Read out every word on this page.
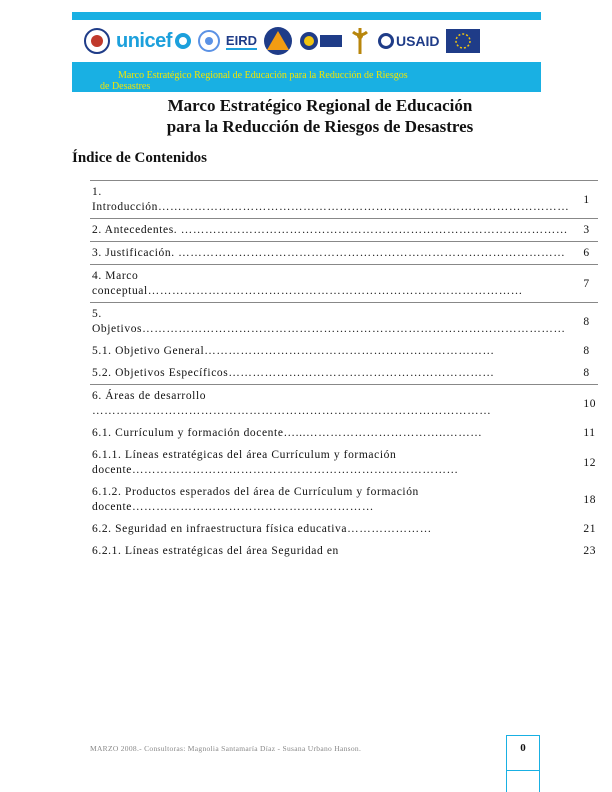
unicef	EIRD	USAID
Marco Estratégico Regional de Educación para la Reducción de Riesgos
de Desastres
Marco Estratégico Regional de Educación
para la Reducción de Riesgos de Desastres
Índice de Contenidos
1. Introducción…………………………………………………………………………………………	1
2. Antecedentes. ……………………………………………………………………………………	3
3. Justificación. ……………………………………………………………………………………	6
4. Marco conceptual…………………………………………………………………………………	7
5. Objetivos……………………………………………………………………………………………	8
5.1. Objetivo General………………………………………………………………	8
5.2. Objetivos Específicos…………………………………………………………	8
6. Áreas de desarrollo ………………………………………………………………………………………	10
6.1. Currículum y formación docente…...……………………………..………	11
6.1.1. Líneas estratégicas del área Currículum y formación docente………………………………………………………………………	12
6.1.2. Productos esperados del área de Currículum y formación docente……………………………………………………	18
6.2. Seguridad en infraestructura física educativa…………………	21
6.2.1. Líneas estratégicas del área Seguridad en	23
MARZO 2008.- Consultoras: Magnolia Santamaría Díaz - Susana Urbano Hanson.	0
